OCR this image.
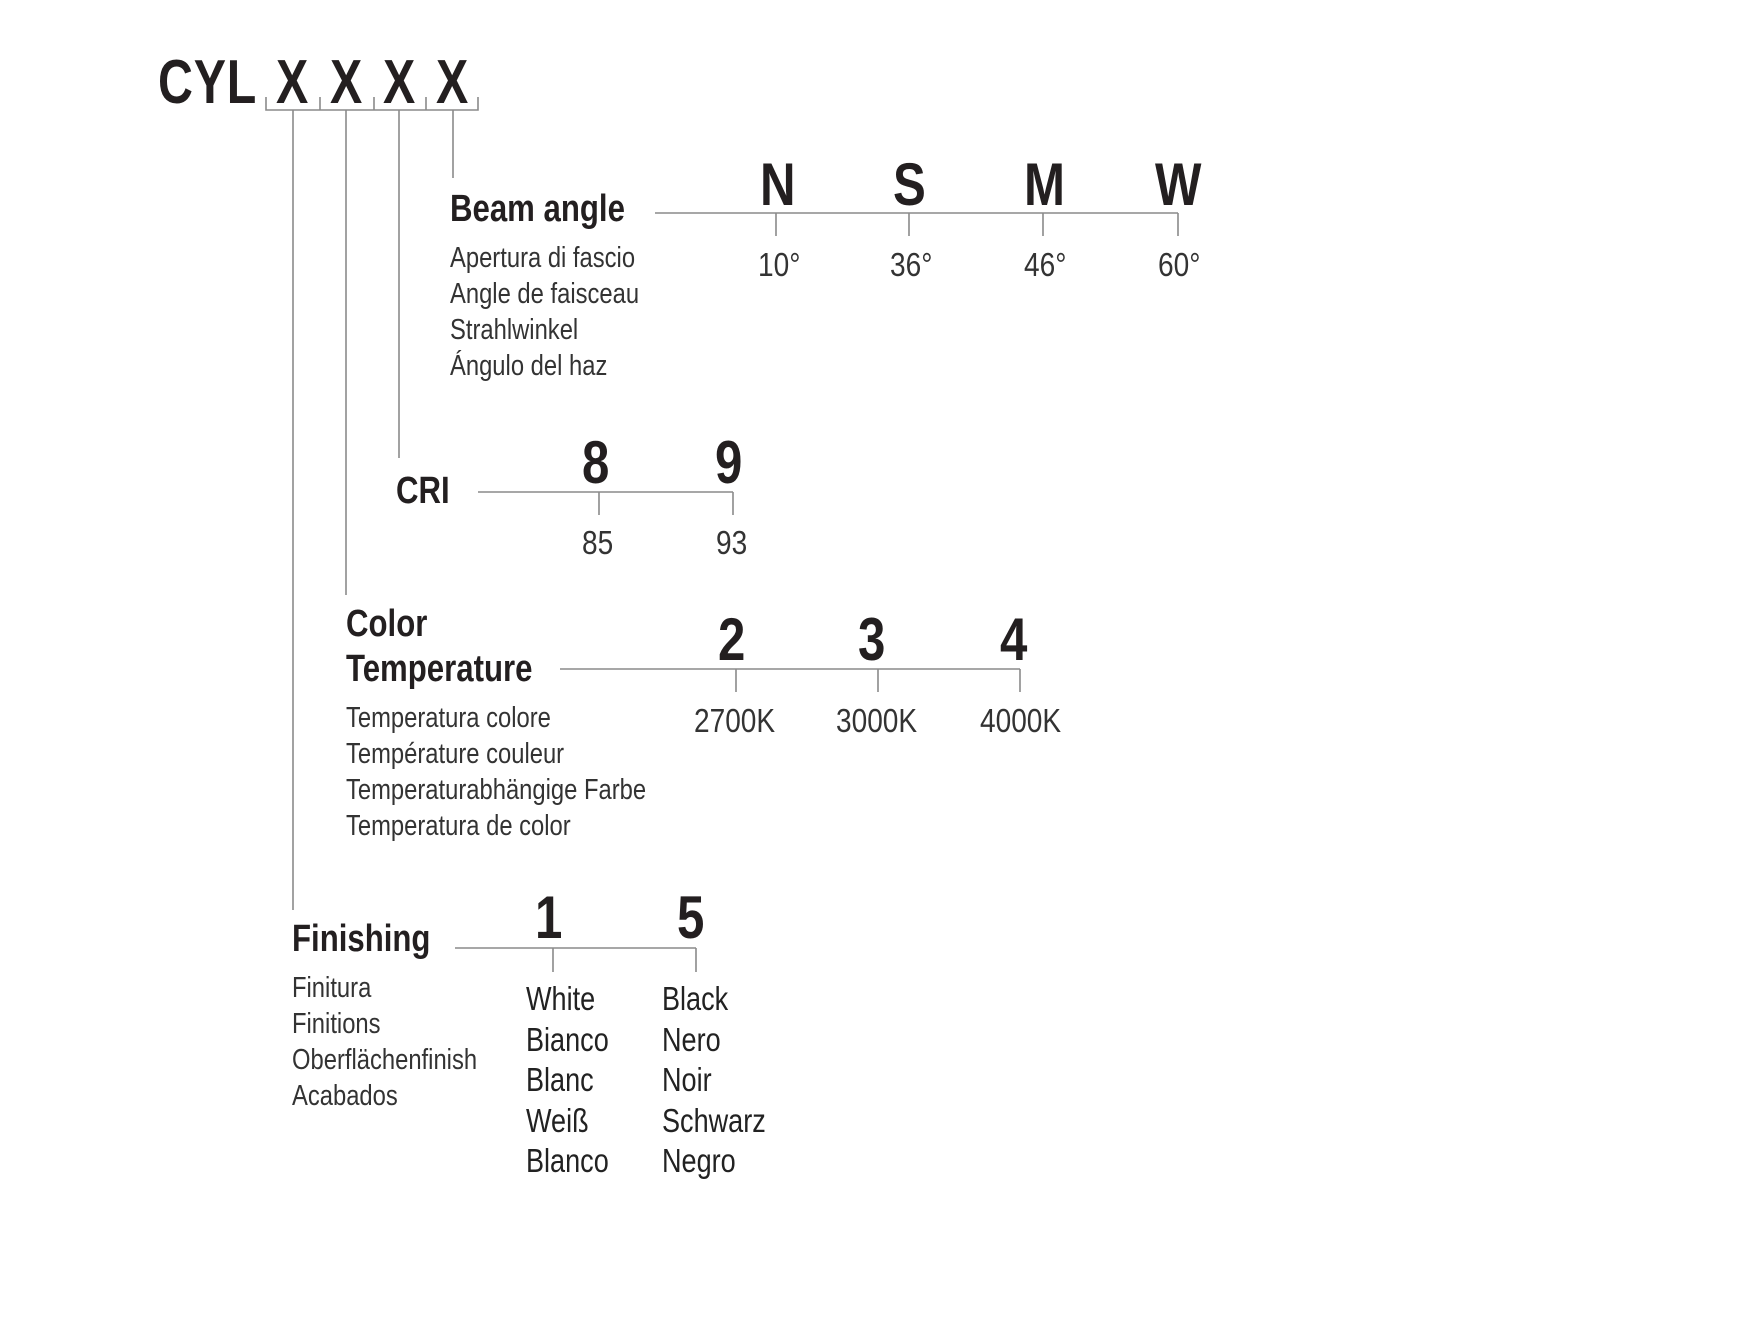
CYL X X X X
Beam angle
Apertura di fascio
Angle de faisceau
Strahlwinkel
Ángulo del haz
N S M W
10°	36°	46°	60°
CRI 8 9
85	93
Color
Temperature
Temperatura colore
Température couleur
Temperaturabhängige Farbe
Temperatura de color
2 3 4
2700K 3000K 4000K
Finishing
Finitura
Finitions
Oberflächenfinish
Acabados
1 5
White
Bianco
Blanc
Weiß
Blanco
Black
Nero
Noir
Schwarz
Negro
